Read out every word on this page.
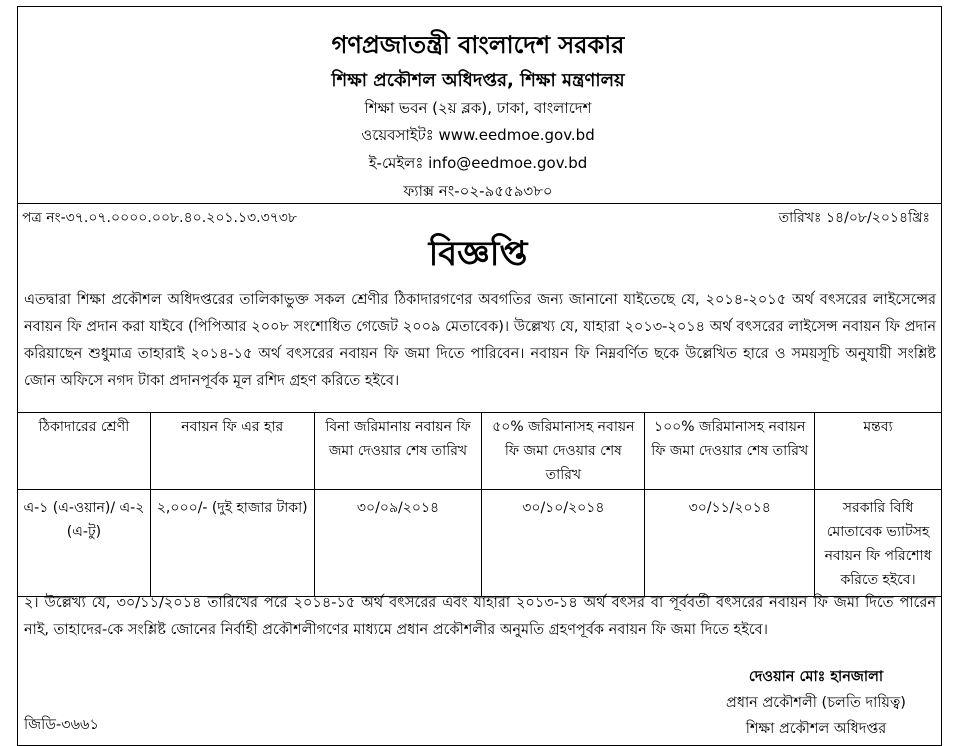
গণপ্রজাতন্ত্রী বাংলাদেশ সরকার
শিক্ষা প্রকৌশল অধিদপ্তর, শিক্ষা মন্ত্রণালয়
শিক্ষা ভবন (২য় ব্লক), ঢাকা, বাংলাদেশ
ওয়েবসাইটঃ www.eedmoe.gov.bd
ই-মেইলঃ info@eedmoe.gov.bd
ফ্যাক্স নং-০২-৯৫৫৯৩৮০
পত্র নং-৩৭.০৭.০০০০.০০৮.৪০.২০১.১৩.৩৭৩৮	তারিখঃ ১৪/০৮/২০১৪খ্রিঃ
বিজ্ঞপ্তি
এতদ্বারা শিক্ষা প্রকৌশল অধিদপ্তরের তালিকাভুক্ত সকল শ্রেণীর ঠিকাদারগণের অবগতির জন্য জানানো যাইতেছে যে, ২০১৪-২০১৫ অর্থ বৎসরের লাইসেন্সের নবায়ন ফি প্রদান করা যাইবে (পিপিআর ২০০৮ সংশোধিত গেজেট ২০০৯ মেতাবেক)। উল্লেখ্য যে, যাহারা ২০১৩-২০১৪ অর্থ বৎসরের লাইসেন্স নবায়ন ফি প্রদান করিয়াছেন শুধুমাত্র তাহারাই ২০১৪-১৫ অর্থ বৎসরের নবায়ন ফি জমা দিতে পারিবেন। নবায়ন ফি নিম্নবর্ণিত ছকে উল্লেখিত হারে ও সময়সূচি অনুযায়ী সংশ্লিষ্ট জোন অফিসে নগদ টাকা প্রদানপূর্বক মূল রশিদ গ্রহণ করিতে হইবে।
ঠিকাদারের শ্রেণী	নবায়ন ফি এর হার	বিনা জরিমানায় নবায়ন ফি জমা দেওয়ার শেষ তারিখ	৫০% জরিমানাসহ নবায়ন ফি জমা দেওয়ার শেষ তারিখ	১০০% জরিমানাসহ নবায়ন ফি জমা দেওয়ার শেষ তারিখ	মন্তব্য
এ-১ (এ-ওয়ান)/ এ-২ (এ-টু)	২,০০০/- (দুই হাজার টাকা)	৩০/০৯/২০১৪	৩০/১০/২০১৪	৩০/১১/২০১৪	সরকারি বিধি মোতাবেক ভ্যাটসহ নবায়ন ফি পরিশোধ করিতে হইবে।
২। উল্লেখ্য যে, ৩০/১১/২০১৪ তারিখের পরে ২০১৪-১৫ অর্থ বৎসরের এবং যাহারা ২০১৩-১৪ অর্থ বৎসর বা পূর্ববর্তী বৎসরের নবায়ন ফি জমা দিতে পারেন নাই, তাহাদের-কে সংশ্লিষ্ট জোনের নির্বাহী প্রকৌশলীগণের মাধ্যমে প্রধান প্রকৌশলীর অনুমতি গ্রহণপূর্বক নবায়ন ফি জমা দিতে হইবে।
দেওয়ান মোঃ হানজালা
প্রধান প্রকৌশলী (চলতি দায়িত্ব)
শিক্ষা প্রকৌশল অধিদপ্তর
জিডি-৩৬৬১
